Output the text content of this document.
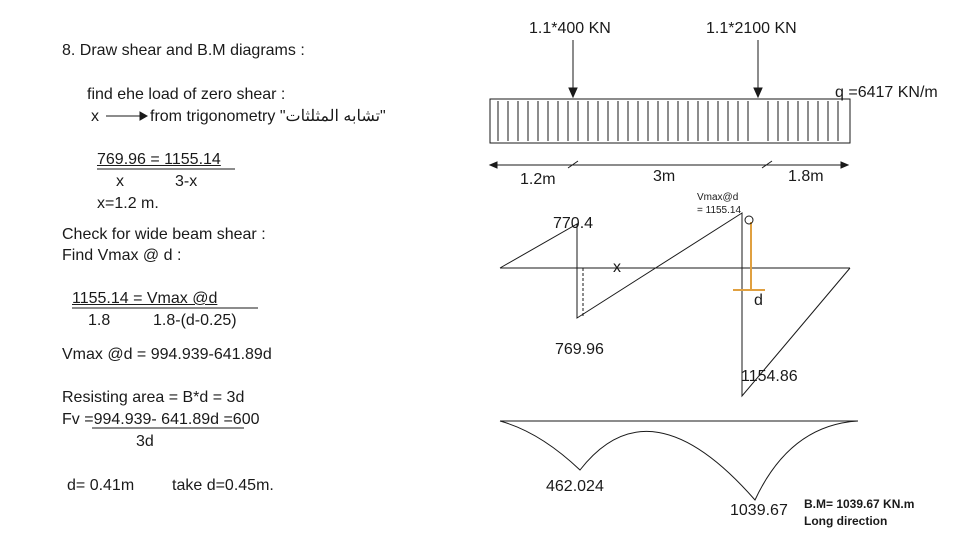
8. Draw shear and B.M diagrams :
find ehe load of zero shear :
x	from trigonometry "تشابه المثلثات"
769.96 = 1155.14
x	3-x
x=1.2 m.
Check for wide beam shear :
Find Vmax @ d :
1155.14 = Vmax @d
1.8	1.8-(d-0.25)
Vmax @d = 994.939-641.89d
Resisting area = B*d = 3d
Fv =994.939- 641.89d =600
3d
d= 0.41m take d=0.45m.
1.1*400 KN	1.1*2100 KN
q =6417 KN/m
1.2m	3m	1.8m
Vmax@d
= 1155.14
770.4
x
d
769.96
1154.86
462.024
1039.67 B.M= 1039.67 KN.m
Long direction
